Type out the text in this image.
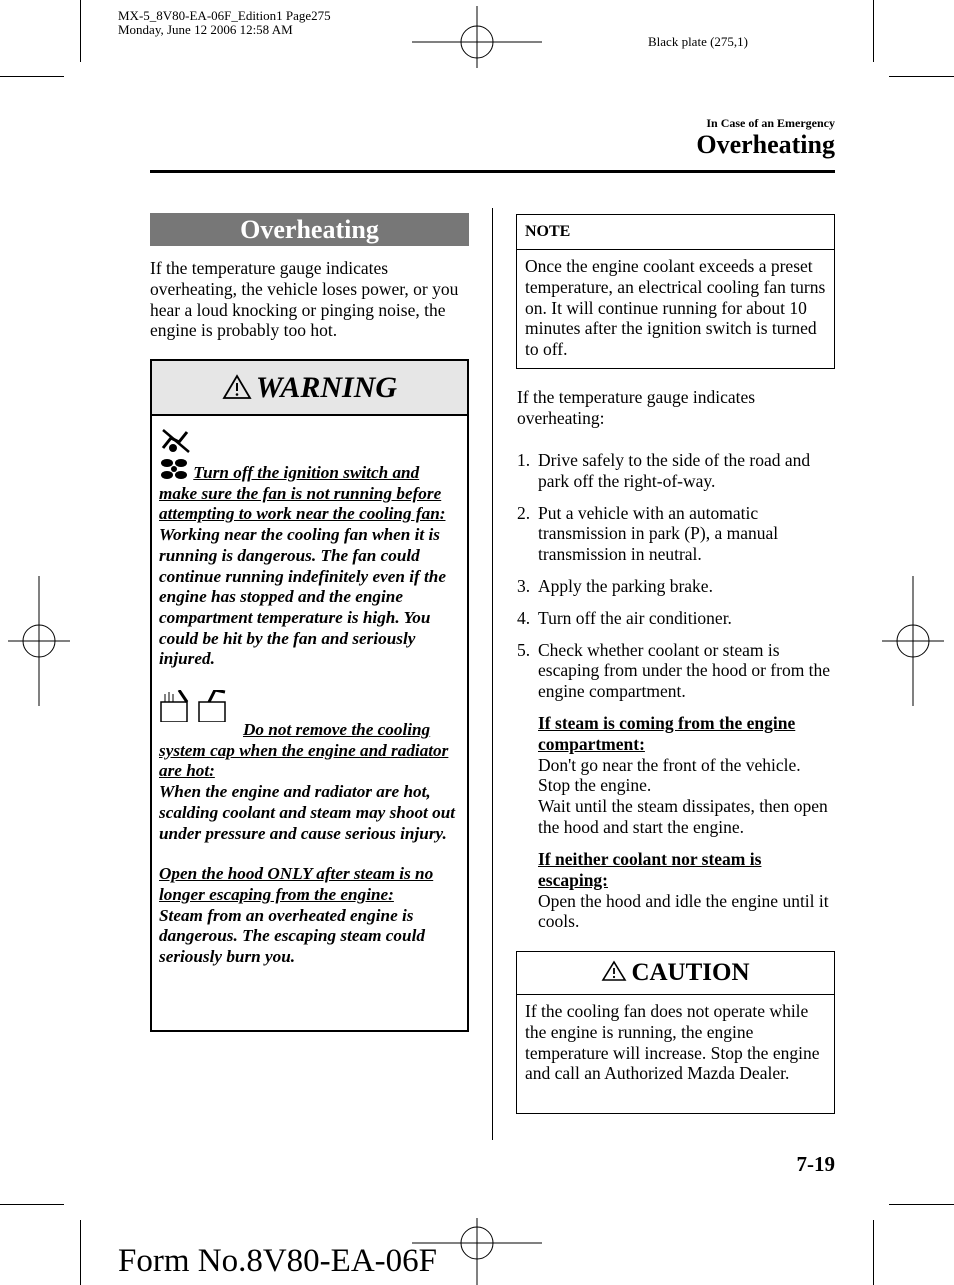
MX-5_8V80-EA-06F_Edition1 Page275
Monday, June 12 2006 12:58 AM
Black plate (275,1)
In Case of an Emergency
Overheating
Overheating
If the temperature gauge indicates overheating, the vehicle loses power, or you hear a loud knocking or pinging noise, the engine is probably too hot.
WARNING
Turn off the ignition switch and make sure the fan is not running before attempting to work near the cooling fan:
Working near the cooling fan when it is running is dangerous. The fan could continue running indefinitely even if the engine has stopped and the engine compartment temperature is high. You could be hit by the fan and seriously injured.
Do not remove the cooling system cap when the engine and radiator are hot:
When the engine and radiator are hot, scalding coolant and steam may shoot out under pressure and cause serious injury.
Open the hood ONLY after steam is no longer escaping from the engine:
Steam from an overheated engine is dangerous. The escaping steam could seriously burn you.
NOTE
Once the engine coolant exceeds a preset temperature, an electrical cooling fan turns on. It will continue running for about 10 minutes after the ignition switch is turned to off.
If the temperature gauge indicates overheating:
1. Drive safely to the side of the road and park off the right-of-way.
2. Put a vehicle with an automatic transmission in park (P), a manual transmission in neutral.
3. Apply the parking brake.
4. Turn off the air conditioner.
5. Check whether coolant or steam is escaping from under the hood or from the engine compartment.
If steam is coming from the engine compartment:
Don't go near the front of the vehicle.
Stop the engine.
Wait until the steam dissipates, then open the hood and start the engine.
If neither coolant nor steam is escaping:
Open the hood and idle the engine until it cools.
CAUTION
If the cooling fan does not operate while the engine is running, the engine temperature will increase. Stop the engine and call an Authorized Mazda Dealer.
7-19
Form No.8V80-EA-06F
